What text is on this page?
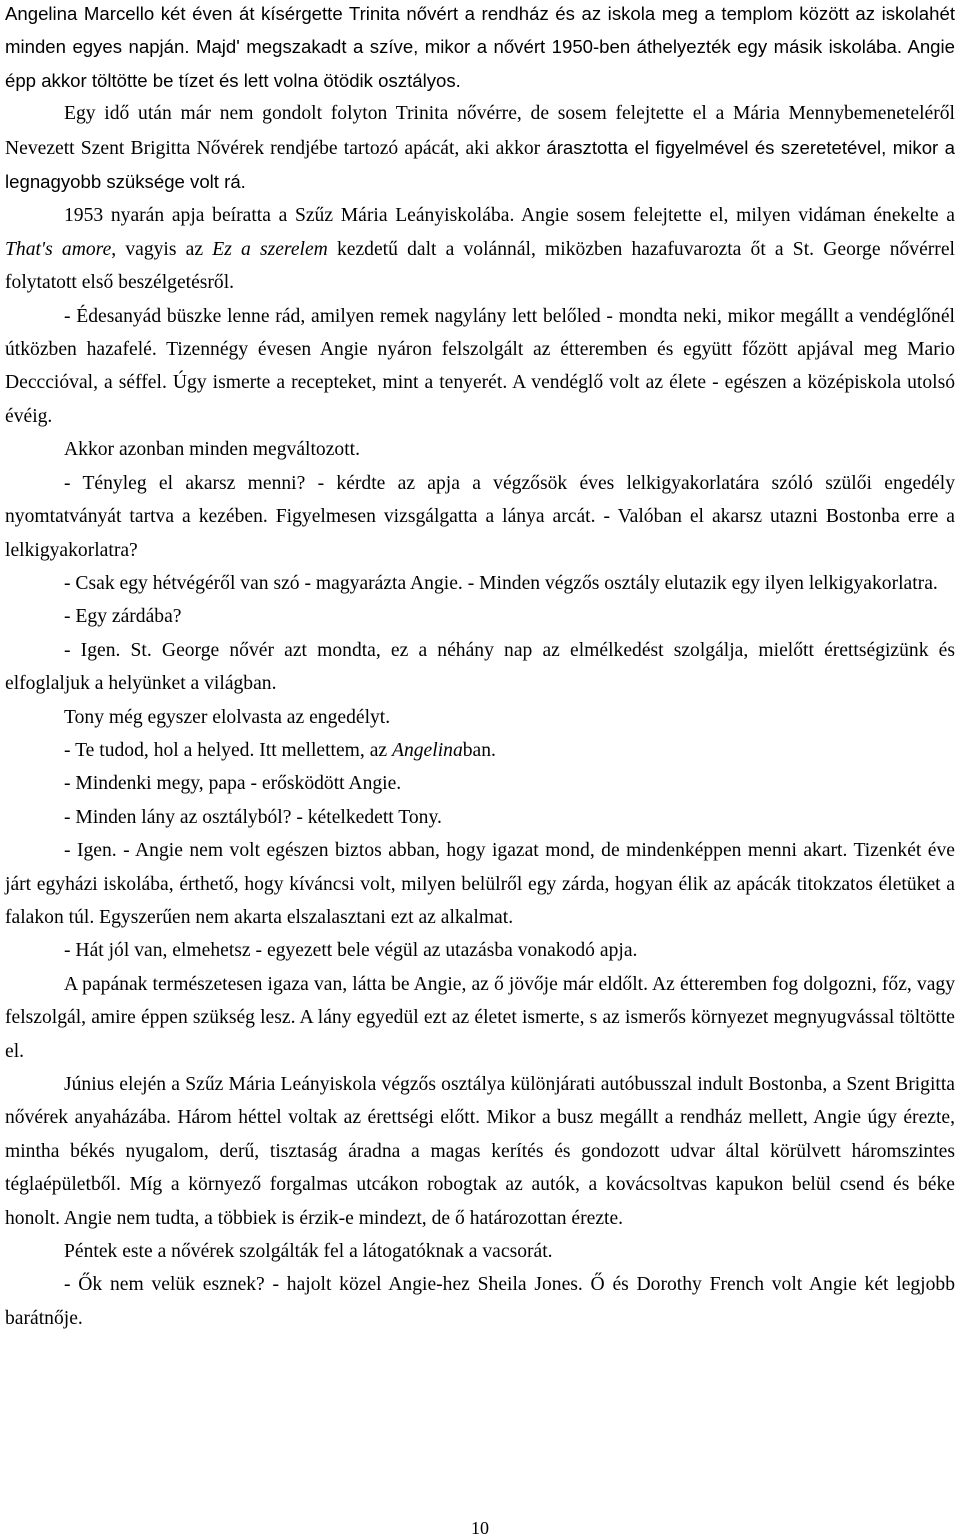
Angelina Marcello két éven át kísérgette Trinita nővért a rendház és az iskola meg a templom között az iskolahét minden egyes napján. Majd' megszakadt a szíve, mikor a nővért 1950-ben áthelyezték egy másik iskolába. Angie épp akkor töltötte be tízet és lett volna ötödik osztályos.

Egy idő után már nem gondolt folyton Trinita nővérre, de sosem felejtette el a Mária Mennybemeneteléről Nevezett Szent Brigitta Nővérek rendjébe tartozó apácát, aki akkor árasztotta el figyelmével és szeretetével, mikor a legnagyobb szüksége volt rá.

1953 nyarán apja beíratta a Szűz Mária Leányiskolába. Angie sosem felejtette el, milyen vidáman énekelte a That's amore, vagyis az Ez a szerelem kezdetű dalt a volánnál, miközben hazafuvarozta őt a St. George nővérrel folytatott első beszélgetésről.

- Édesanyád büszke lenne rád, amilyen remek nagylány lett belőled - mondta neki, mikor megállt a vendéglőnél útközben hazafelé. Tizennégy évesen Angie nyáron felszolgált az étteremben és együtt főzött apjával meg Mario Decccióval, a séffel. Úgy ismerte a recepteket, mint a tenyerét. A vendéglő volt az élete - egészen a középiskola utolsó évéig.

Akkor azonban minden megváltozott.

- Tényleg el akarsz menni? - kérdte az apja a végzősök éves lelkigyakorlatára szóló szülői engedély nyomtatványát tartva a kezében. Figyelmesen vizsgálgatta a lánya arcát. - Valóban el akarsz utazni Bostonba erre a lelkigyakorlatra?

- Csak egy hétvégéről van szó - magyarázta Angie. - Minden végzős osztály elutazik egy ilyen lelkigyakorlatra.

- Egy zárdába?

- Igen. St. George nővér azt mondta, ez a néhány nap az elmélkedést szolgálja, mielőtt érettségizünk és elfoglaljuk a helyünket a világban.

Tony még egyszer elolvasta az engedélyt.

- Te tudod, hol a helyed. Itt mellettem, az Angelinaban.

- Mindenki megy, papa - erősködött Angie.

- Minden lány az osztályból? - kételkedett Tony.

- Igen. - Angie nem volt egészen biztos abban, hogy igazat mond, de mindenképpen menni akart. Tizenkét éve járt egyházi iskolába, érthető, hogy kíváncsi volt, milyen belülről egy zárda, hogyan élik az apácák titokzatos életüket a falakon túl. Egyszerűen nem akarta elszalasztani ezt az alkalmat.

- Hát jól van, elmehetsz - egyezett bele végül az utazásba vonakodó apja.

A papának természetesen igaza van, látta be Angie, az ő jövője már eldőlt. Az étteremben fog dolgozni, főz, vagy felszolgál, amire éppen szükség lesz. A lány egyedül ezt az életet ismerte, s az ismerős környezet megnyugvással töltötte el.

Június elején a Szűz Mária Leányiskola végzős osztálya különjárati autóbusszal indult Bostonba, a Szent Brigitta nővérek anyaházába. Három héttel voltak az érettségi előtt. Mikor a busz megállt a rendház mellett, Angie úgy érezte, mintha békés nyugalom, derű, tisztaság áradna a magas kerítés és gondozott udvar által körülvett háromszintes téglaépületből. Míg a környező forgalmas utcákon robogtak az autók, a kovácsoltvas kapukon belül csend és béke honolt. Angie nem tudta, a többiek is érzik-e mindezt, de ő határozottan érezte.

Péntek este a nővérek szolgálták fel a látogatóknak a vacsorát.

- Ők nem velük esznek? - hajolt közel Angie-hez Sheila Jones. Ő és Dorothy French volt Angie két legjobb barátnője.

10
